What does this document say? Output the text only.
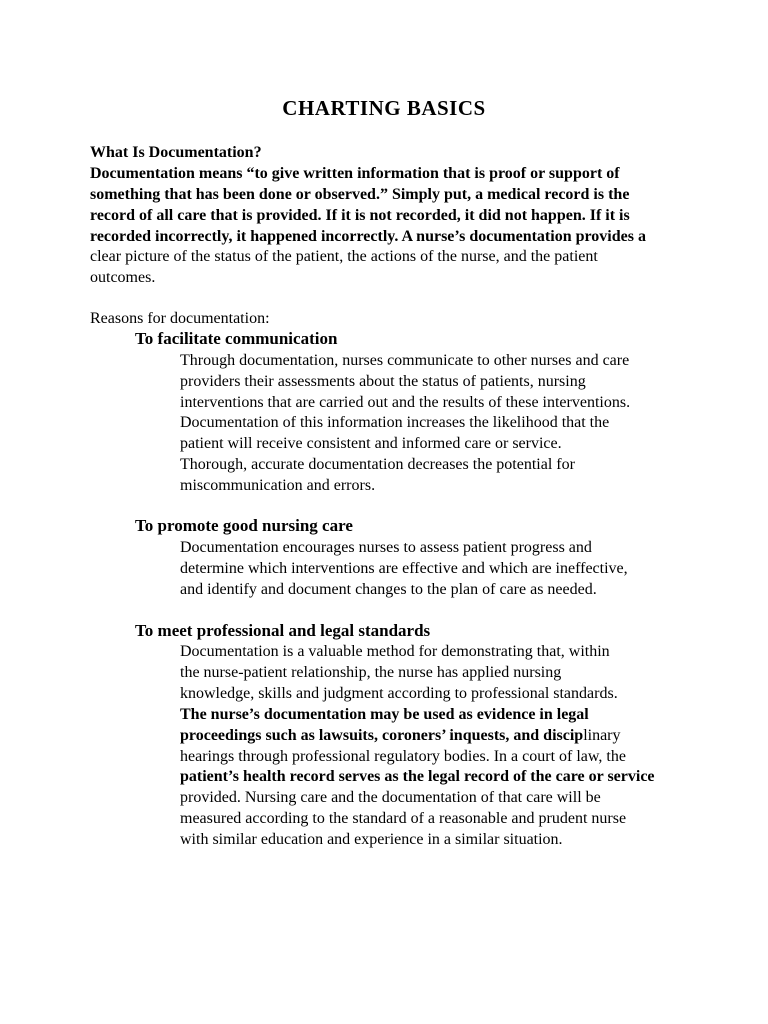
CHARTING BASICS
What Is Documentation?
Documentation means “to give written information that is proof or support of
something that has been done or observed.” Simply put, a medical record is the
record of all care that is provided. If it is not recorded, it did not happen. If it is
recorded incorrectly, it happened incorrectly. A nurse’s documentation provides a
clear picture of the status of the patient, the actions of the nurse, and the patient
outcomes.
Reasons for documentation:
To facilitate communication
Through documentation, nurses communicate to other nurses and care
providers their assessments about the status of patients, nursing
interventions that are carried out and the results of these interventions.
Documentation of this information increases the likelihood that the
patient will receive consistent and informed care or service.
Thorough, accurate documentation decreases the potential for
miscommunication and errors.
To promote good nursing care
Documentation encourages nurses to assess patient progress and
determine which interventions are effective and which are ineffective,
and identify and document changes to the plan of care as needed.
To meet professional and legal standards
Documentation is a valuable method for demonstrating that, within
the nurse-patient relationship, the nurse has applied nursing
knowledge, skills and judgment according to professional standards.
The nurse’s documentation may be used as evidence in legal
proceedings such as lawsuits, coroners’ inquests, and disciplinary
hearings through professional regulatory bodies. In a court of law, the
patient’s health record serves as the legal record of the care or service
provided. Nursing care and the documentation of that care will be
measured according to the standard of a reasonable and prudent nurse
with similar education and experience in a similar situation.
